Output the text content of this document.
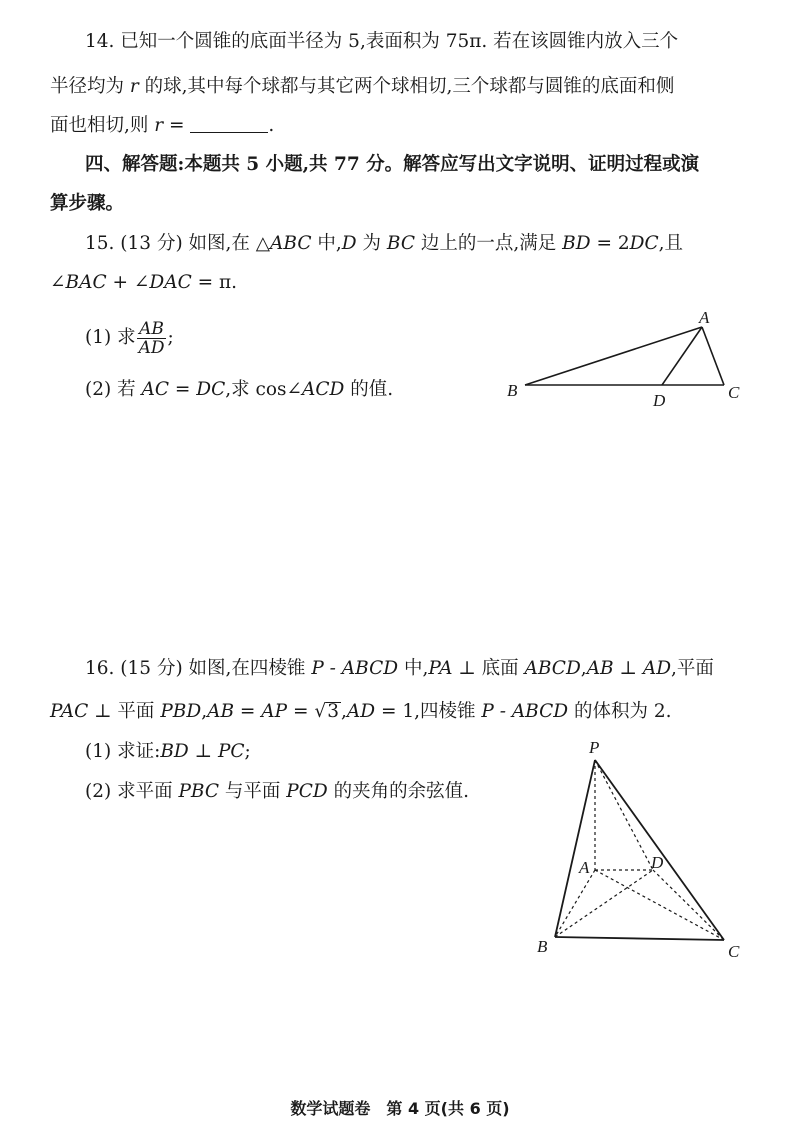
14. 已知一个圆锥的底面半径为 5,表面积为 75π. 若在该圆锥内放入三个
半径均为 r 的球,其中每个球都与其它两个球相切,三个球都与圆锥的底面和侧
面也相切,则 r =	.
四、解答题:本题共 5 小题,共 77 分。解答应写出文字说明、证明过程或演
算步骤。
15. (13 分) 如图,在 △ABC 中,D 为 BC 边上的一点,满足 BD = 2DC,且
∠BAC + ∠DAC = π.
(1) 求 $\frac{AB}{AD}$ ;
(2) 若 AC = DC,求 cos∠ACD 的值.
A
B	C
D
16. (15 分) 如图,在四棱锥 P - ABCD 中,PA ⊥ 底面 ABCD,AB ⊥ AD,平面
PAC ⊥ 平面 PBD,AB = AP = √3 ,AD = 1,四棱锥 P - ABCD 的体积为 2.
(1) 求证:BD ⊥ PC;
(2) 求平面 PBC 与平面 PCD 的夹角的余弦值.
P
A	D
B	C
数学试题卷　第 4 页(共 6 页)
